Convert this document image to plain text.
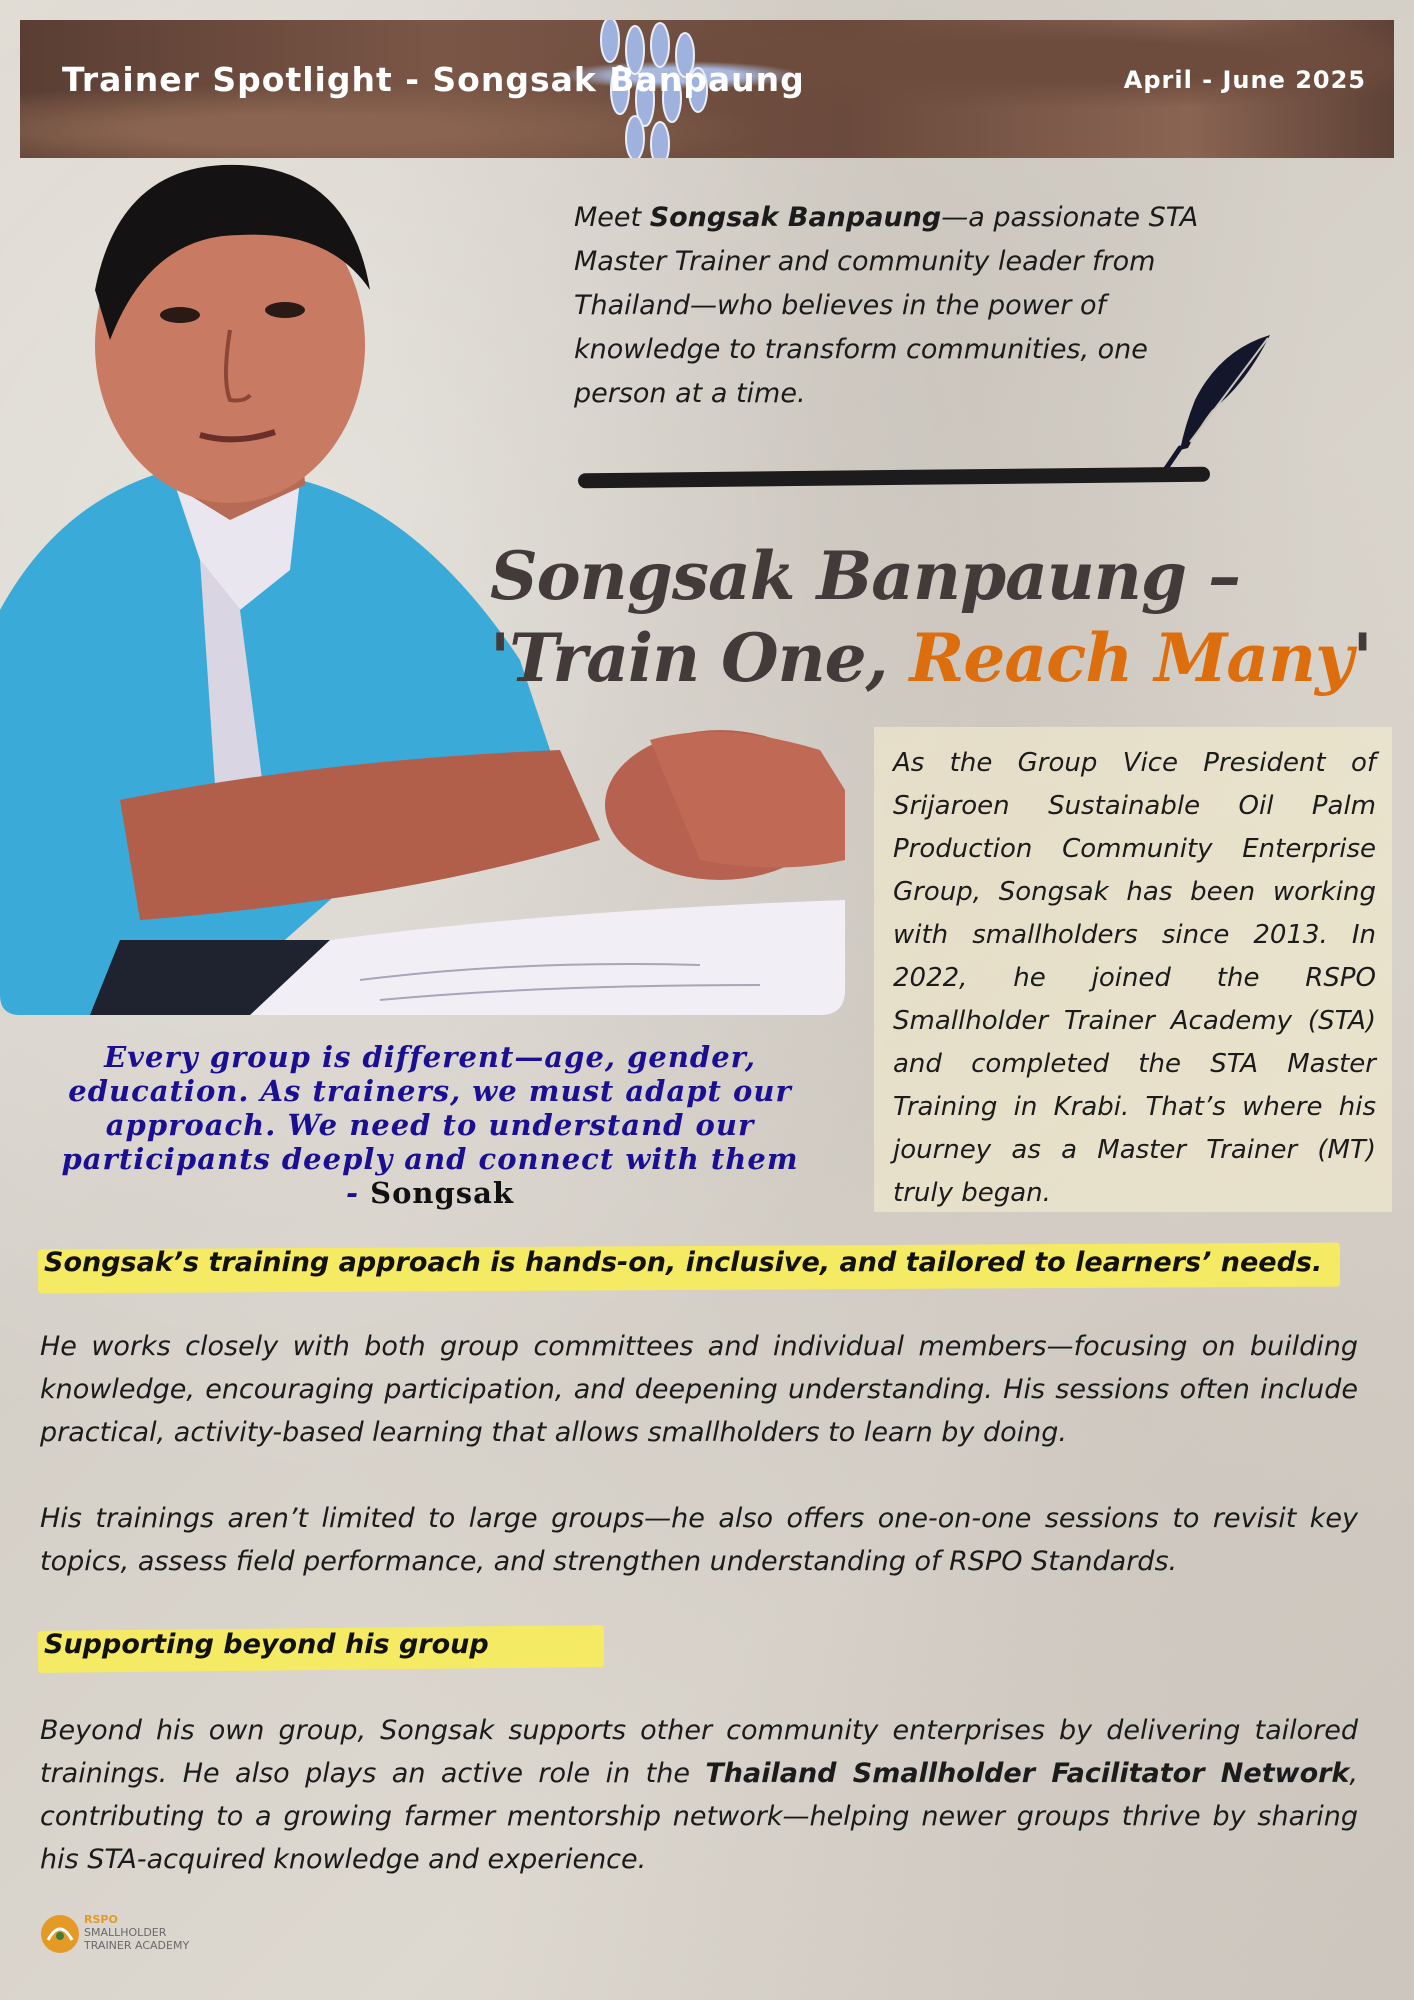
Trainer Spotlight - Songsak Banpaung	April - June 2025
Meet Songsak Banpaung—a passionate STA Master Trainer and community leader from Thailand—who believes in the power of knowledge to transform communities, one person at a time.
Songsak Banpaung –
'Train One, Reach Many'
As the Group Vice President of Srijaroen Sustainable Oil Palm Production Community Enterprise Group, Songsak has been working with smallholders since 2013. In 2022, he joined the RSPO Smallholder Trainer Academy (STA) and completed the STA Master Training in Krabi. That’s where his journey as a Master Trainer (MT) truly began.
Every group is different—age, gender, education. As trainers, we must adapt our approach. We need to understand our participants deeply and connect with them - Songsak
Songsak’s training approach is hands-on, inclusive, and tailored to learners’ needs.
He works closely with both group committees and individual members—focusing on building knowledge, encouraging participation, and deepening understanding. His sessions often include practical, activity-based learning that allows smallholders to learn by doing.
His trainings aren’t limited to large groups—he also offers one-on-one sessions to revisit key topics, assess field performance, and strengthen understanding of RSPO Standards.
Supporting beyond his group
Beyond his own group, Songsak supports other community enterprises by delivering tailored trainings. He also plays an active role in the Thailand Smallholder Facilitator Network, contributing to a growing farmer mentorship network—helping newer groups thrive by sharing his STA-acquired knowledge and experience.
RSPO
SMALLHOLDER
TRAINER ACADEMY
